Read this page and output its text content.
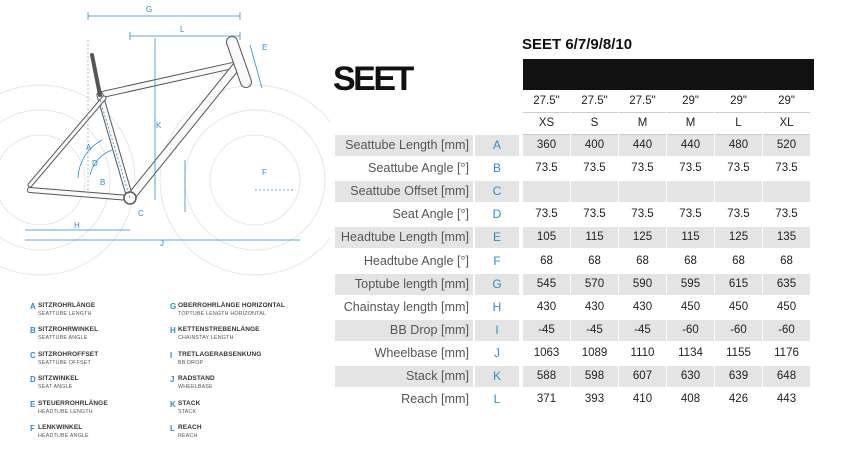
G
L
E
K
A
B
D
C
F
H
J
A SITZROHRLÄNGE
SEATTUBE LENGTH
B SITZROHRWINKEL
SEATTUBE ANGLE
C SITZROHROFFSET
SEATTUBE OFFSET
D SITZWINKEL
SEAT ANGLE
E STEUERROHRLÄNGE
HEADTUBE LENGTH
F LENKWINKEL
HEADTUBE ANGLE
G OBERROHRLÄNGE HORIZONTAL
TOPTUBE LENGTH HORIZONTAL
H KETTENSTREBENLÄNGE
CHAINSTAY LENGTH
I TRETLAGERABSENKUNG
BB DROP
J RADSTAND
WHEELBASE
K STACK
STACK
L REACH
REACH
SEET
SEET 6/7/9/8/10
27.5"	27.5"	27.5"	29"	29"	29"
XS	S	M	M	L	XL
Seattube Length [mm]	A	360	400	440	440	480	520
Seattube Angle [°]	B	73.5	73.5	73.5	73.5	73.5	73.5
Seattube Offset [mm]	C
Seat Angle [°]	D	73.5	73.5	73.5	73.5	73.5	73.5
Headtube Length [mm]	E	105	115	125	115	125	135
Headtube Angle [°]	F	68	68	68	68	68	68
Toptube length [mm]	G	545	570	590	595	615	635
Chainstay length [mm]	H	430	430	430	450	450	450
BB Drop [mm]	I	-45	-45	-45	-60	-60	-60
Wheelbase [mm]	J	1063	1089	1110	1134	1155	1176
Stack [mm]	K	588	598	607	630	639	648
Reach [mm]	L	371	393	410	408	426	443
